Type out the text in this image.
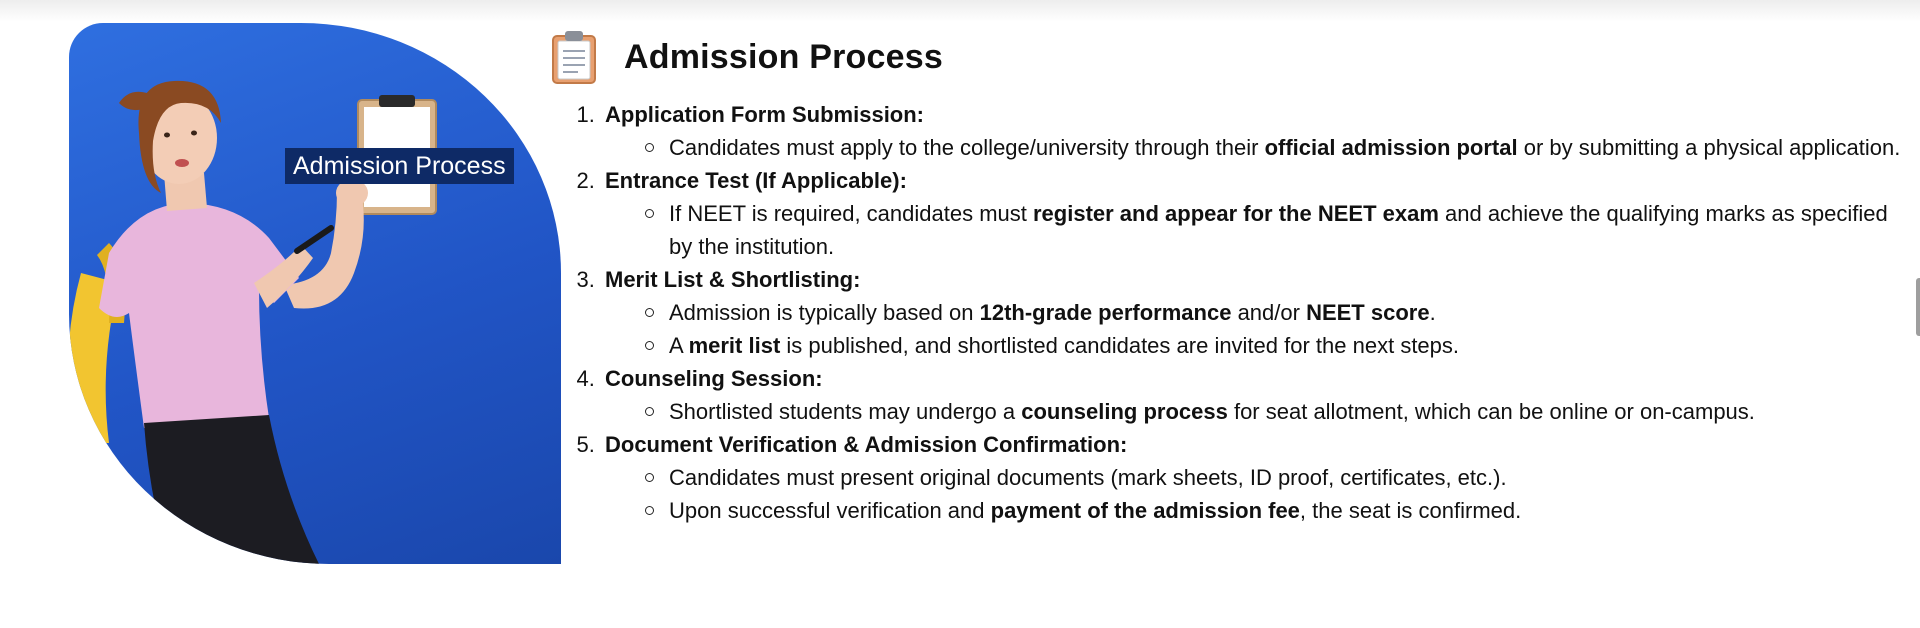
Admission Process
Admission Process
1. Application Form Submission:
Candidates must apply to the college/university through their official admission portal or by submitting a physical application.
2. Entrance Test (If Applicable):
If NEET is required, candidates must register and appear for the NEET exam and achieve the qualifying marks as specified by the institution.
3. Merit List & Shortlisting:
Admission is typically based on 12th-grade performance and/or NEET score.
A merit list is published, and shortlisted candidates are invited for the next steps.
4. Counseling Session:
Shortlisted students may undergo a counseling process for seat allotment, which can be online or on-campus.
5. Document Verification & Admission Confirmation:
Candidates must present original documents (mark sheets, ID proof, certificates, etc.).
Upon successful verification and payment of the admission fee, the seat is confirmed.
